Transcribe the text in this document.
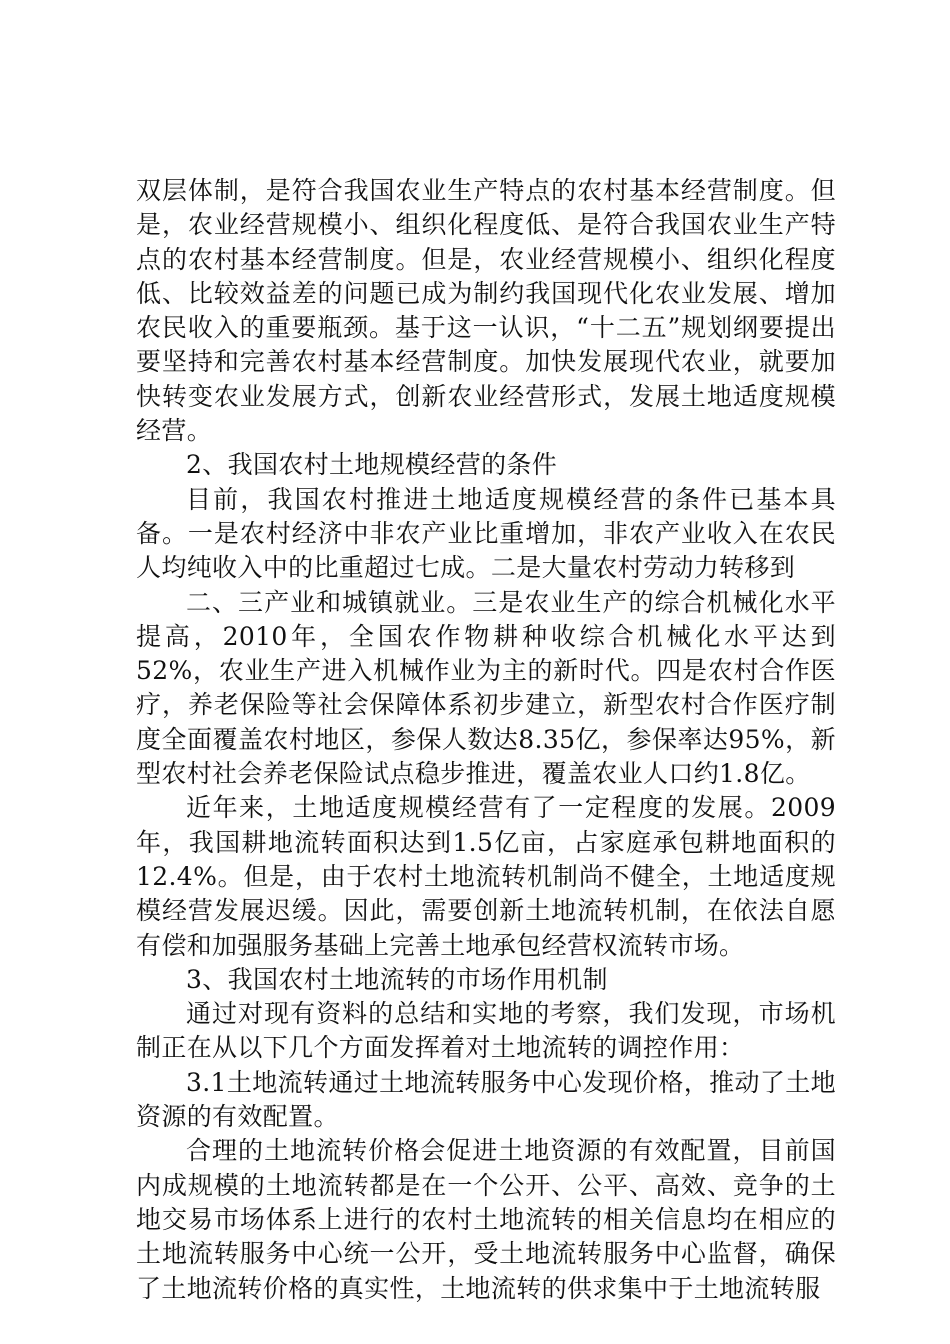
双层体制，是符合我国农业生产特点的农村基本经营制度。但是，农业经营规模小、组织化程度低、是符合我国农业生产特点的农村基本经营制度。但是，农业经营规模小、组织化程度低、比较效益差的问题已成为制约我国现代化农业发展、增加农民收入的重要瓶颈。基于这一认识，“十二五”规划纲要提出要坚持和完善农村基本经营制度。加快发展现代农业，就要加快转变农业发展方式，创新农业经营形式，发展土地适度规模经营。

2、我国农村土地规模经营的条件

目前，我国农村推进土地适度规模经营的条件已基本具备。一是农村经济中非农产业比重增加，非农产业收入在农民人均纯收入中的比重超过七成。二是大量农村劳动力转移到

二、三产业和城镇就业。三是农业生产的综合机械化水平提高，2010年，全国农作物耕种收综合机械化水平达到52%，农业生产进入机械作业为主的新时代。四是农村合作医疗，养老保险等社会保障体系初步建立，新型农村合作医疗制度全面覆盖农村地区，参保人数达8.35亿，参保率达95%，新型农村社会养老保险试点稳步推进，覆盖农业人口约1.8亿。

近年来，土地适度规模经营有了一定程度的发展。2009年，我国耕地流转面积达到1.5亿亩，占家庭承包耕地面积的12.4%。但是，由于农村土地流转机制尚不健全，土地适度规模经营发展迟缓。因此，需要创新土地流转机制，在依法自愿有偿和加强服务基础上完善土地承包经营权流转市场。

3、我国农村土地流转的市场作用机制

通过对现有资料的总结和实地的考察，我们发现，市场机制正在从以下几个方面发挥着对土地流转的调控作用：

3.1土地流转通过土地流转服务中心发现价格，推动了土地资源的有效配置。

合理的土地流转价格会促进土地资源的有效配置，目前国内成规模的土地流转都是在一个公开、公平、高效、竞争的土地交易市场体系上进行的农村土地流转的相关信息均在相应的土地流转服务中心统一公开，受土地流转服务中心监督，确保了土地流转价格的真实性，土地流转的供求集中于土地流转服
